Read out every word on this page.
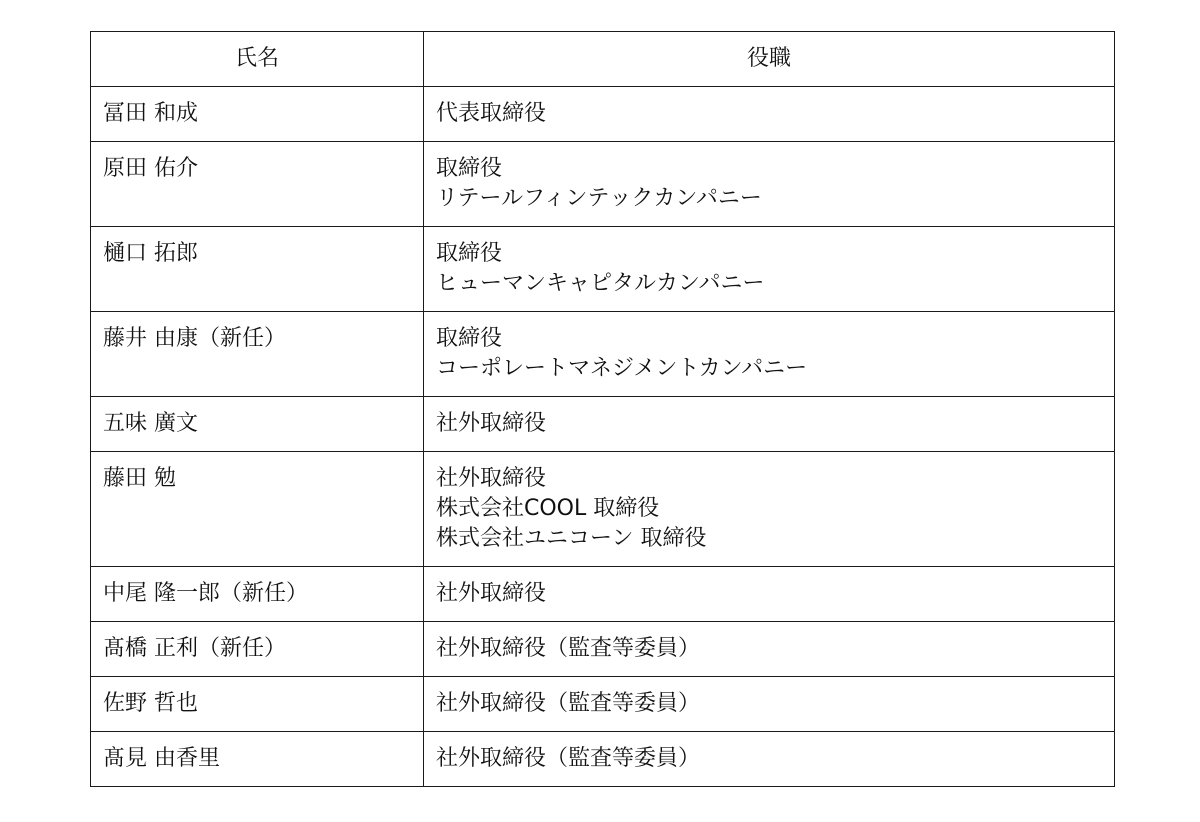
氏名	役職
冨田 和成	代表取締役

原田 佑介	取締役
リテールフィンテックカンパニー

樋口 拓郎	取締役
ヒューマンキャピタルカンパニー

藤井 由康（新任）	取締役
コーポレートマネジメントカンパニー

五味 廣文	社外取締役

藤田 勉	社外取締役
株式会社COOL 取締役
株式会社ユニコーン 取締役

中尾 隆一郎（新任）	社外取締役

髙橋 正利（新任）	社外取締役（監査等委員）

佐野 哲也	社外取締役（監査等委員）

髙見 由香里	社外取締役（監査等委員）
